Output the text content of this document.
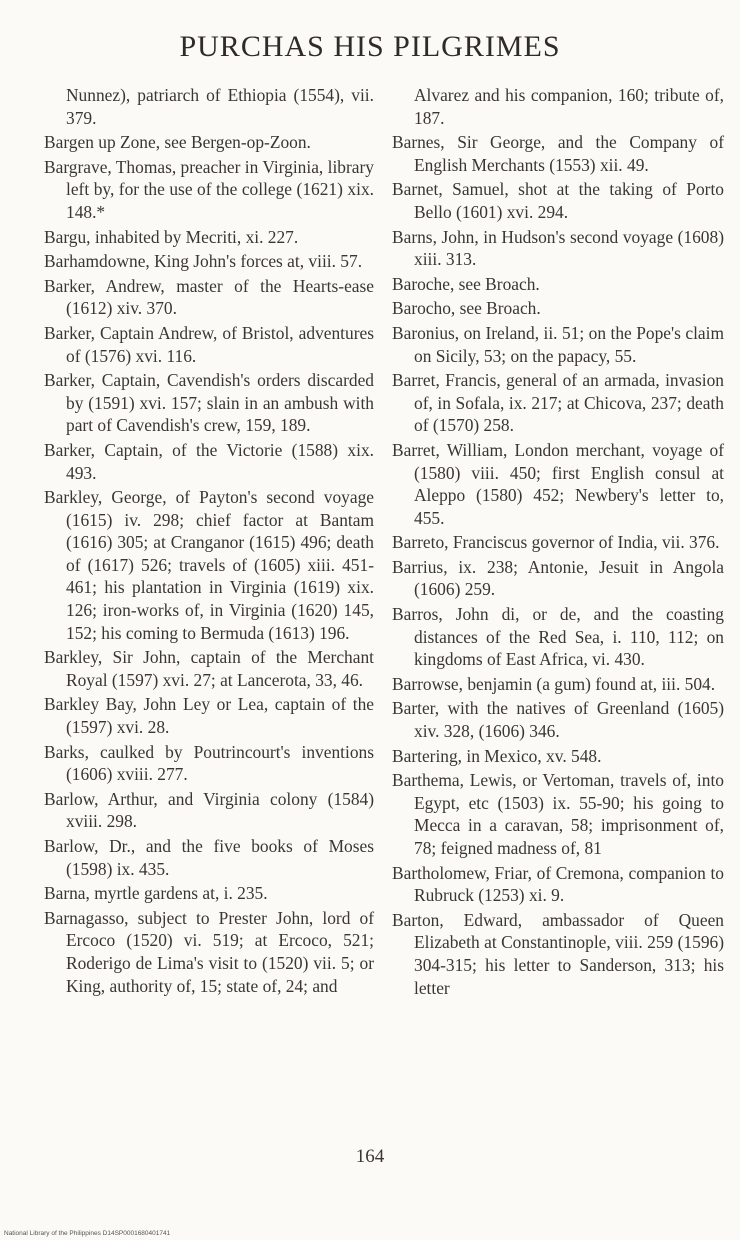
PURCHAS HIS PILGRIMES

Nunnez), patriarch of Ethiopia (1554), vii. 379.

Bargen up Zone, see Bergen-op-Zoon.

Bargrave, Thomas, preacher in Virginia, library left by, for the use of the college (1621) xix. 148.*

Bargu, inhabited by Mecriti, xi. 227.

Barhamdowne, King John's forces at, viii. 57.

Barker, Andrew, master of the Hearts-ease (1612) xiv. 370.

Barker, Captain Andrew, of Bristol, adventures of (1576) xvi. 116.

Barker, Captain, Cavendish's orders discarded by (1591) xvi. 157; slain in an ambush with part of Cavendish's crew, 159, 189.

Barker, Captain, of the Victorie (1588) xix. 493.

Barkley, George, of Payton's second voyage (1615) iv. 298; chief factor at Bantam (1616) 305; at Cranganor (1615) 496; death of (1617) 526; travels of (1605) xiii. 451-461; his plantation in Virginia (1619) xix. 126; iron-works of, in Virginia (1620) 145, 152; his coming to Bermuda (1613) 196.

Barkley, Sir John, captain of the Merchant Royal (1597) xvi. 27; at Lancerota, 33, 46.

Barkley Bay, John Ley or Lea, captain of the (1597) xvi. 28.

Barks, caulked by Poutrincourt's inventions (1606) xviii. 277.

Barlow, Arthur, and Virginia colony (1584) xviii. 298.

Barlow, Dr., and the five books of Moses (1598) ix. 435.

Barna, myrtle gardens at, i. 235.

Barnagasso, subject to Prester John, lord of Ercoco (1520) vi. 519; at Ercoco, 521; Roderigo de Lima's visit to (1520) vii. 5; or King, authority of, 15; state of, 24; and

Alvarez and his companion, 160; tribute of, 187.

Barnes, Sir George, and the Company of English Merchants (1553) xii. 49.

Barnet, Samuel, shot at the taking of Porto Bello (1601) xvi. 294.

Barns, John, in Hudson's second voyage (1608) xiii. 313.

Baroche, see Broach.

Barocho, see Broach.

Baronius, on Ireland, ii. 51; on the Pope's claim on Sicily, 53; on the papacy, 55.

Barret, Francis, general of an armada, invasion of, in Sofala, ix. 217; at Chicova, 237; death of (1570) 258.

Barret, William, London merchant, voyage of (1580) viii. 450; first English consul at Aleppo (1580) 452; Newbery's letter to, 455.

Barreto, Franciscus governor of India, vii. 376.

Barrius, ix. 238; Antonie, Jesuit in Angola (1606) 259.

Barros, John di, or de, and the coasting distances of the Red Sea, i. 110, 112; on kingdoms of East Africa, vi. 430.

Barrowse, benjamin (a gum) found at, iii. 504.

Barter, with the natives of Greenland (1605) xiv. 328, (1606) 346.

Bartering, in Mexico, xv. 548.

Barthema, Lewis, or Vertoman, travels of, into Egypt, etc (1503) ix. 55-90; his going to Mecca in a caravan, 58; imprisonment of, 78; feigned madness of, 81

Bartholomew, Friar, of Cremona, companion to Rubruck (1253) xi. 9.

Barton, Edward, ambassador of Queen Elizabeth at Constantinople, viii. 259 (1596) 304-315; his letter to Sanderson, 313; his letter

164
National Library of the Philippines D14SP0001680401741
